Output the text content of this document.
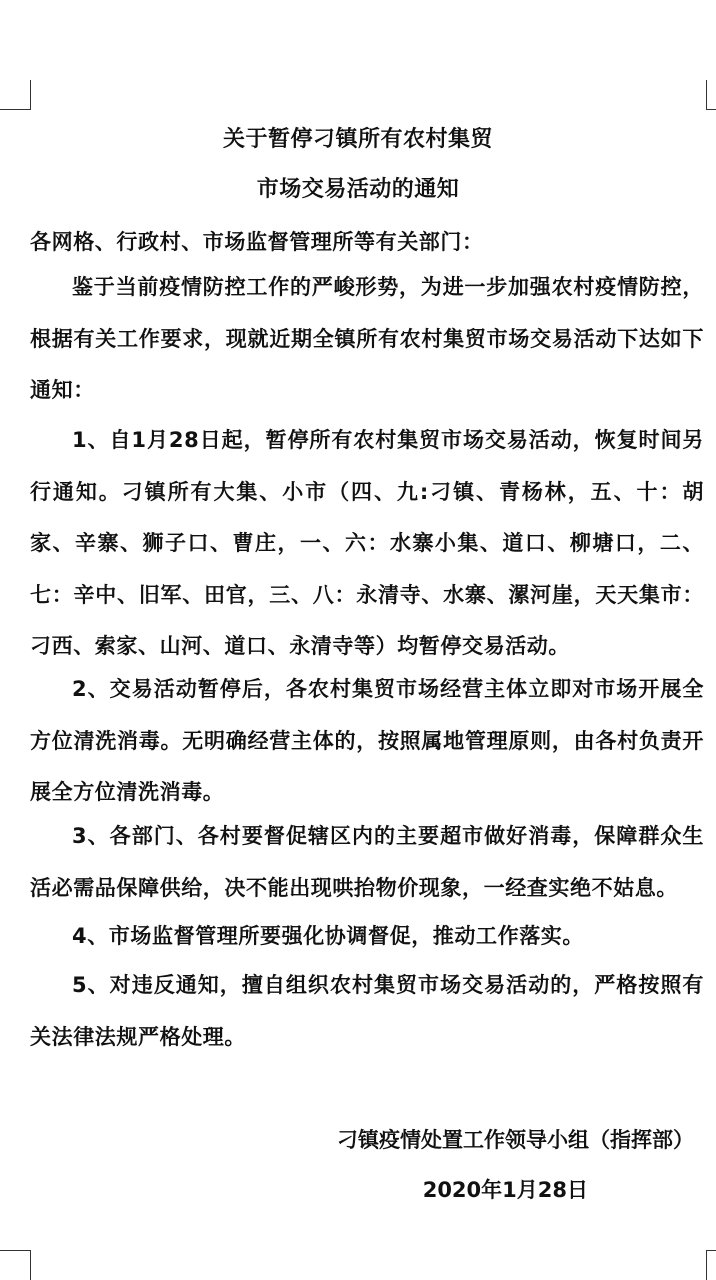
关于暂停刁镇所有农村集贸
市场交易活动的通知
各网格、行政村、市场监督管理所等有关部门：
鉴于当前疫情防控工作的严峻形势，为进一步加强农村疫情防控，根据有关工作要求，现就近期全镇所有农村集贸市场交易活动下达如下通知：
1、自1月28日起，暂停所有农村集贸市场交易活动，恢复时间另行通知。刁镇所有大集、小市（四、九:刁镇、青杨林，五、十：胡家、辛寨、狮子口、曹庄，一、六：水寨小集、道口、柳塘口，二、七：辛中、旧军、田官，三、八：永清寺、水寨、漯河崖，天天集市：刁西、索家、山河、道口、永清寺等）均暂停交易活动。
2、交易活动暂停后，各农村集贸市场经营主体立即对市场开展全方位清洗消毒。无明确经营主体的，按照属地管理原则，由各村负责开展全方位清洗消毒。
3、各部门、各村要督促辖区内的主要超市做好消毒，保障群众生活必需品保障供给，决不能出现哄抬物价现象，一经查实绝不姑息。
4、市场监督管理所要强化协调督促，推动工作落实。
5、对违反通知，擅自组织农村集贸市场交易活动的，严格按照有关法律法规严格处理。
刁镇疫情处置工作领导小组（指挥部）
2020年1月28日
